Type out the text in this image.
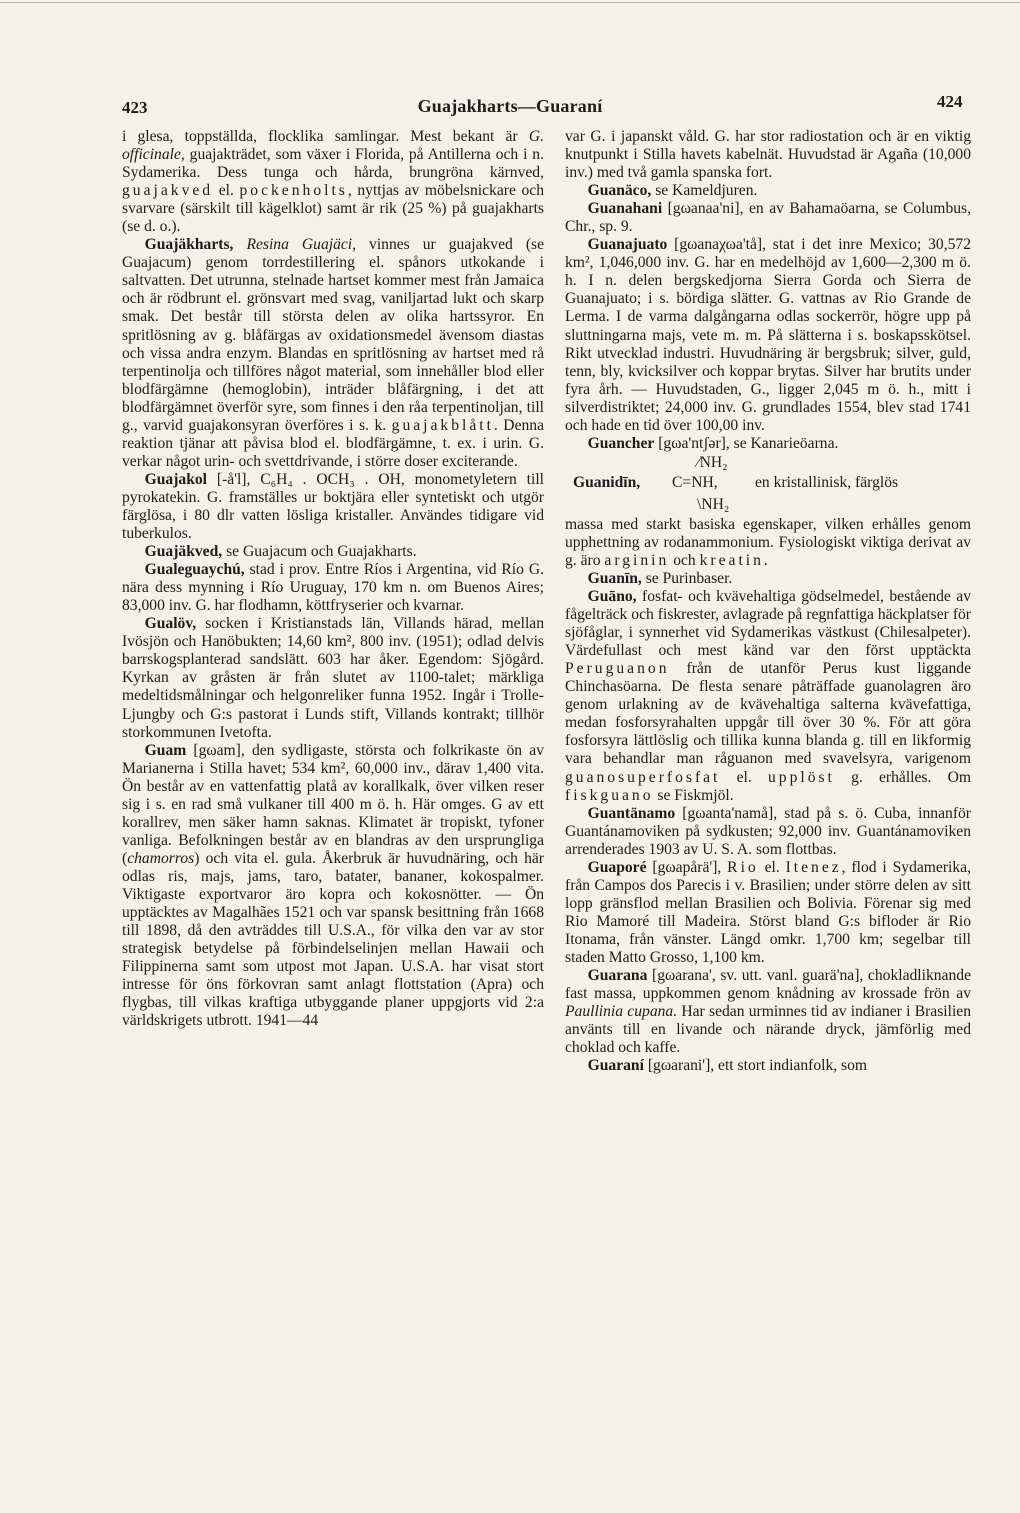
423	Guajakharts—Guaraní	424

i glesa, toppställda, flocklika samlingar. Mest bekant är G. officinale, guajakträdet, som växer i Florida, på Antillerna och i n. Sydamerika. Dess tunga och hårda, brungröna kärnved, guajakved el. pockenholts, nyttjas av möbelsnickare och svarvare (särskilt till kägelklot) samt är rik (25 %) på guajakharts (se d. o.).

Guajäkharts, Resina Guajäci, vinnes ur guajakved (se Guajacum) genom torrdestillering el. spånors utkokande i saltvatten. Det utrunna, stelnade hartset kommer mest från Jamaica och är rödbrunt el. grönsvart med svag, vaniljartad lukt och skarp smak. Det består till största delen av olika hartssyror. En spritlösning av g. blåfärgas av oxidationsmedel ävensom diastas och vissa andra enzym. Blandas en spritlösning av hartset med rå terpentinolja och tillföres något material, som innehåller blod eller blodfärgämne (hemoglobin), inträder blåfärgning, i det att blodfärgämnet överför syre, som finnes i den råa terpentinoljan, till g., varvid guajakonsyran överföres i s. k. guajakblått. Denna reaktion tjänar att påvisa blod el. blodfärgämne, t. ex. i urin. G. verkar något urin- och svettdrivande, i större doser exciterande.

Guajakol [-å'l], C₆H₄ . OCH₃ . OH, monometyletern till pyrokatekin. G. framställes ur boktjära eller syntetiskt och utgör färglösa, i 80 dlr vatten lösliga kristaller. Användes tidigare vid tuberkulos.

Guajäkved, se Guajacum och Guajakharts.

Gualeguaychú, stad i prov. Entre Ríos i Argentina, vid Río G. nära dess mynning i Río Uruguay, 170 km n. om Buenos Aires; 83,000 inv. G. har flodhamn, köttfryserier och kvarnar.

Gualöv, socken i Kristianstads län, Villands härad, mellan Ivösjön och Hanöbukten; 14,60 km², 800 inv. (1951); odlad delvis barrskogsplanterad sandslätt. 603 har åker. Egendom: Sjögård. Kyrkan av gråsten är från slutet av 1100-talet; märkliga medeltidsmålningar och helgonreliker funna 1952. Ingår i Trolle-Ljungby och G:s pastorat i Lunds stift, Villands kontrakt; tillhör storkommunen Ivetofta.

Guam [gωam], den sydligaste, största och folkrikaste ön av Marianerna i Stilla havet; 534 km², 60,000 inv., därav 1,400 vita. Ön består av en vattenfattig platå av korallkalk, över vilken reser sig i s. en rad små vulkaner till 400 m ö. h. Här omges. G av ett korallrev, men säker hamn saknas. Klimatet är tropiskt, tyfoner vanliga. Befolkningen består av en blandras av den ursprungliga (chamorros) och vita el. gula. Åkerbruk är huvudnäring, och här odlas ris, majs, jams, taro, batater, bananer, kokospalmer. Viktigaste exportvaror äro kopra och kokosnötter. — Ön upptäcktes av Magalhães 1521 och var spansk besittning från 1668 till 1898, då den avträddes till U.S.A., för vilka den var av stor strategisk betydelse på förbindelselinjen mellan Hawaii och Filippinerna samt som utpost mot Japan. U.S.A. har visat stort intresse för öns förkovran samt anlagt flottstation (Apra) och flygbas, till vilkas kraftiga utbyggande planer uppgjorts vid 2:a världskrigets utbrott. 1941—44

var G. i japanskt våld. G. har stor radiostation och är en viktig knutpunkt i Stilla havets kabelnät. Huvudstad är Agaña (10,000 inv.) med två gamla spanska fort.

Guanäco, se Kameldjuren.

Guanahani [gωanaa'ni], en av Bahamaöarna, se Columbus, Chr., sp. 9.

Guanajuato [gωanaχωa'tå], stat i det inre Mexico; 30,572 km², 1,046,000 inv. G. har en medelhöjd av 1,600—2,300 m ö. h. I n. delen bergskedjorna Sierra Gorda och Sierra de Guanajuato; i s. bördiga slätter. G. vattnas av Rio Grande de Lerma. I de varma dalgångarna odlas sockerrör, högre upp på sluttningarna majs, vete m. m. På slätterna i s. boskapsskötsel. Rikt utvecklad industri. Huvudnäring är bergsbruk; silver, guld, tenn, bly, kvicksilver och koppar brytas. Silver har brutits under fyra årh. — Huvudstaden, G., ligger 2,045 m ö. h., mitt i silverdistriktet; 24,000 inv. G. grundlades 1554, blev stad 1741 och hade en tid över 100,00 inv.

Guancher [gωa'ntʃər], se Kanarieöarna.

Guanidīn,
⁄NH₂
C=NH,
\NH₂
en kristallinisk, färglös

massa med starkt basiska egenskaper, vilken erhålles genom upphettning av rodanammonium. Fysiologiskt viktiga derivat av g. äro arginin och kreatin.

Guanīn, se Purinbaser.

Guāno, fosfat- och kvävehaltiga gödselmedel, bestående av fågelträck och fiskrester, avlagrade på regnfattiga häckplatser för sjöfåglar, i synnerhet vid Sydamerikas västkust (Chilesalpeter). Värdefullast och mest känd var den först upptäckta Peruguanon från de utanför Perus kust liggande Chinchasöarna. De flesta senare påträffade guanolagren äro genom urlakning av de kvävehaltiga salterna kvävefattiga, medan fosforsyrahalten uppgår till över 30 %. För att göra fosforsyra lättlöslig och tillika kunna blanda g. till en likformig vara behandlar man råguanon med svavelsyra, varigenom guanosuperfosfat el. upplöst g. erhålles. Om fiskguano se Fiskmjöl.

Guantänamo [gωanta'namå], stad på s. ö. Cuba, innanför Guantánamoviken på sydkusten; 92,000 inv. Guantánamoviken arrenderades 1903 av U. S. A. som flottbas.

Guaporé [gωapårä'], Rio el. Itenez, flod i Sydamerika, från Campos dos Parecis i v. Brasilien; under större delen av sitt lopp gränsflod mellan Brasilien och Bolivia. Förenar sig med Rio Mamoré till Madeira. Störst bland G:s bifloder är Rio Itonama, från vänster. Längd omkr. 1,700 km; segelbar till staden Matto Grosso, 1,100 km.

Guarana [gωarana', sv. utt. vanl. guarä'na], chokladliknande fast massa, uppkommen genom knådning av krossade frön av Paullinia cupana. Har sedan urminnes tid av indianer i Brasilien använts till en livande och närande dryck, jämförlig med choklad och kaffe.

Guaraní [gωarani'], ett stort indianfolk, som
